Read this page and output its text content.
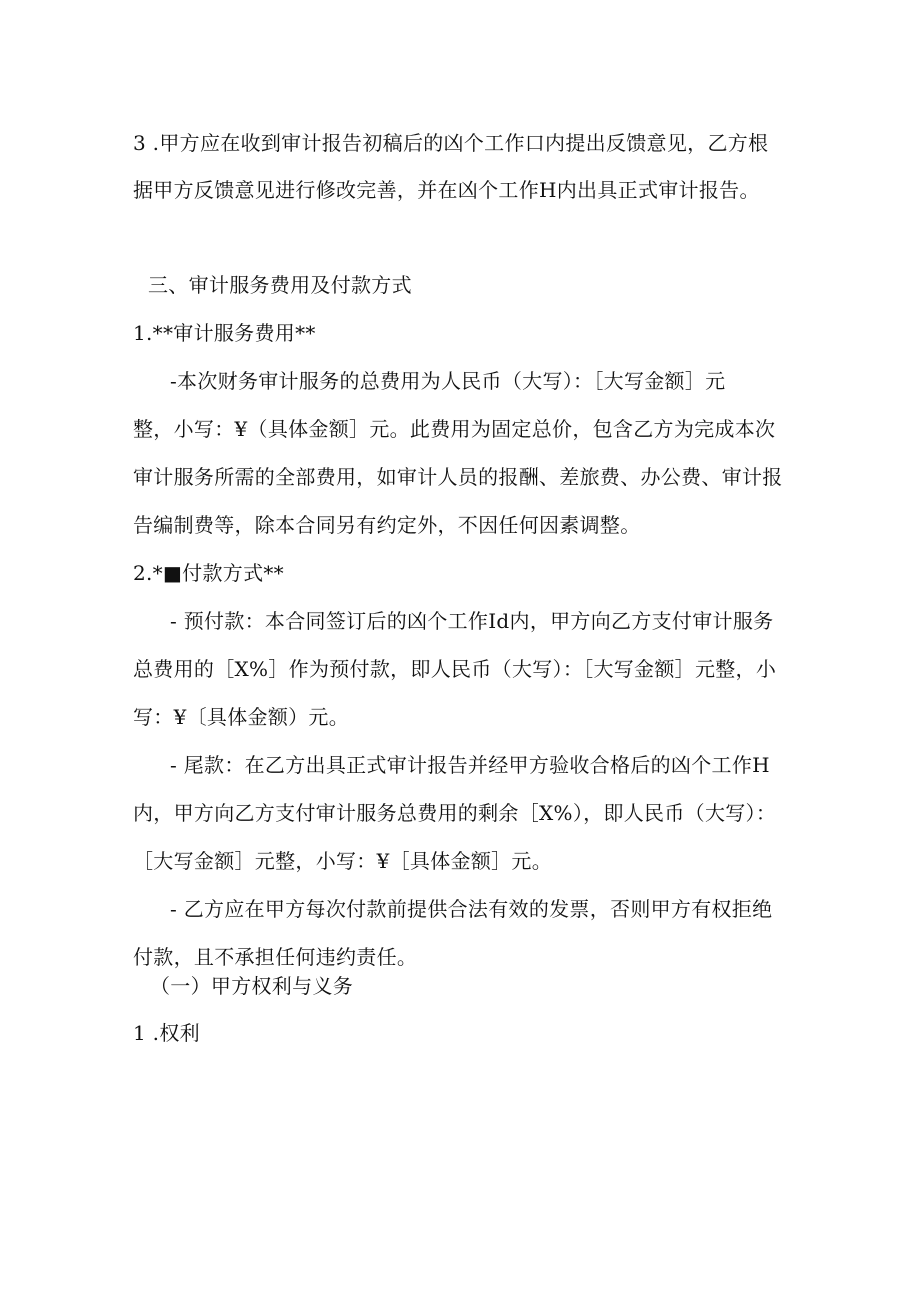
3 .甲方应在收到审计报告初稿后的凶个工作口内提出反馈意见，乙方根
据甲方反馈意见进行修改完善，并在凶个工作H内出具正式审计报告。
三、审计服务费用及付款方式
1.**审计服务费用**
-本次财务审计服务的总费用为人民币（大写）：［大写金额］元
整，小写：¥（具体金额］元。此费用为固定总价，包含乙方为完成本次
审计服务所需的全部费用，如审计人员的报酬、差旅费、办公费、审计报
告编制费等，除本合同另有约定外，不因任何因素调整。
2.*■付款方式**
- 预付款：本合同签订后的凶个工作Id内，甲方向乙方支付审计服务
总费用的［X%］作为预付款，即人民币（大写）：［大写金额］元整，小
写：¥〔具体金额）元。
- 尾款：在乙方出具正式审计报告并经甲方验收合格后的凶个工作H
内，甲方向乙方支付审计服务总费用的剩余［X%），即人民币（大写）：
［大写金额］元整，小写：¥［具体金额］元。
- 乙方应在甲方每次付款前提供合法有效的发票，否则甲方有权拒绝
付款，且不承担任何违约责任。
（一）甲方权利与义务
1 .权利
